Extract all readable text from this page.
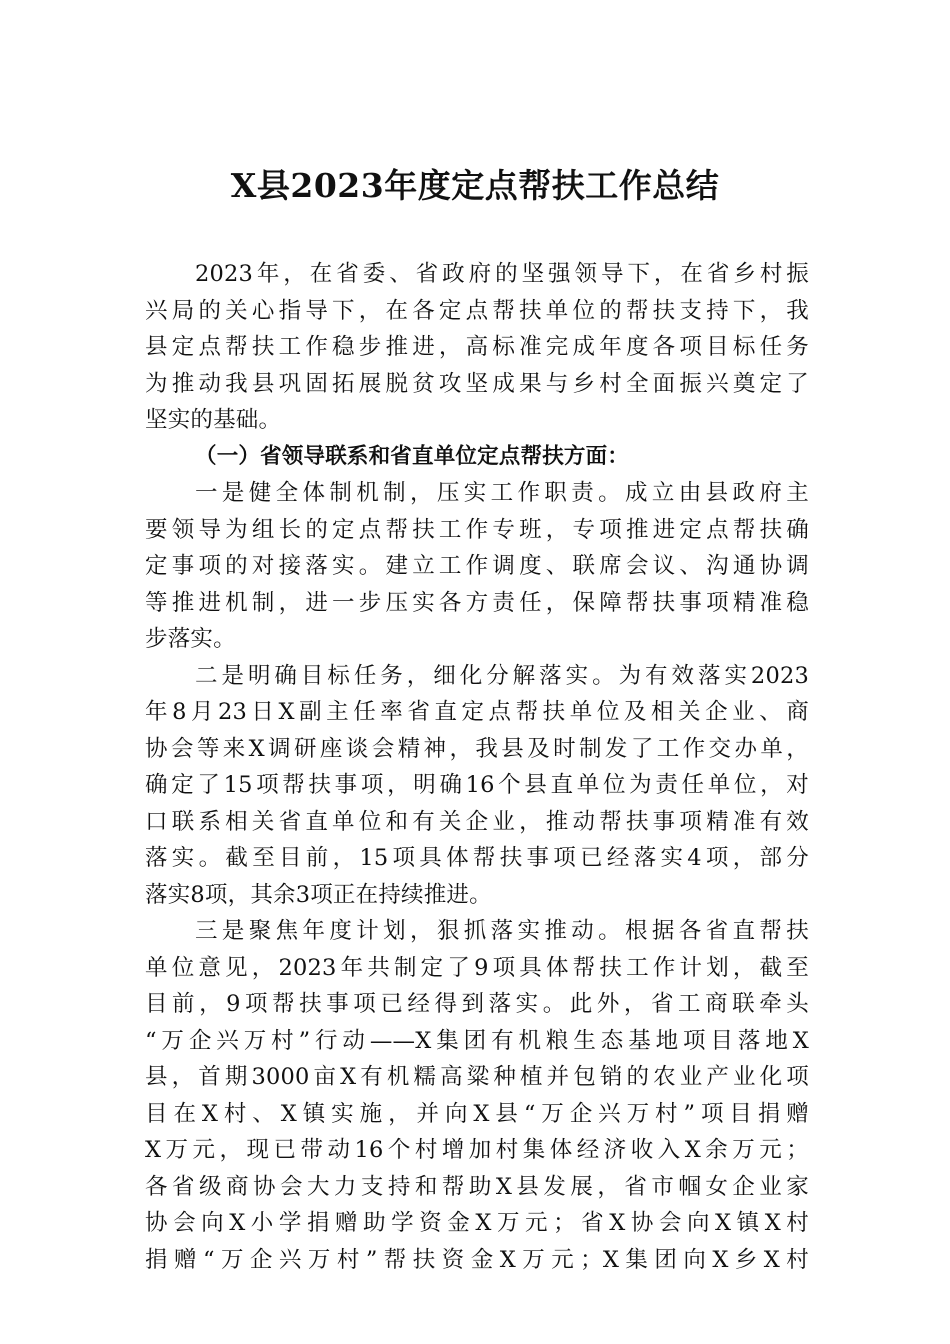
X县2023年度定点帮扶工作总结
2023年，在省委、省政府的坚强领导下，在省乡村振
兴局的关心指导下，在各定点帮扶单位的帮扶支持下，我
县定点帮扶工作稳步推进，高标准完成年度各项目标任务
为推动我县巩固拓展脱贫攻坚成果与乡村全面振兴奠定了
坚实的基础。
（一）省领导联系和省直单位定点帮扶方面：
一是健全体制机制，压实工作职责。成立由县政府主
要领导为组长的定点帮扶工作专班，专项推进定点帮扶确
定事项的对接落实。建立工作调度、联席会议、沟通协调
等推进机制，进一步压实各方责任，保障帮扶事项精准稳
步落实。
二是明确目标任务，细化分解落实。为有效落实2023
年8月23日X副主任率省直定点帮扶单位及相关企业、商
协会等来X调研座谈会精神，我县及时制发了工作交办单，
确定了15项帮扶事项，明确16个县直单位为责任单位，对
口联系相关省直单位和有关企业，推动帮扶事项精准有效
落实。截至目前，15项具体帮扶事项已经落实4项，部分
落实8项，其余3项正在持续推进。
三是聚焦年度计划，狠抓落实推动。根据各省直帮扶
单位意见，2023年共制定了9项具体帮扶工作计划，截至
目前，9项帮扶事项已经得到落实。此外，省工商联牵头
“万企兴万村”行动——X集团有机粮生态基地项目落地X
县，首期3000亩X有机糯高粱种植并包销的农业产业化项
目在X村、X镇实施，并向X县“万企兴万村”项目捐赠
X万元，现已带动16个村增加村集体经济收入X余万元；
各省级商协会大力支持和帮助X县发展，省市帼女企业家
协会向X小学捐赠助学资金X万元；省X协会向X镇X村
捐赠“万企兴万村”帮扶资金X万元；X集团向X乡X村
